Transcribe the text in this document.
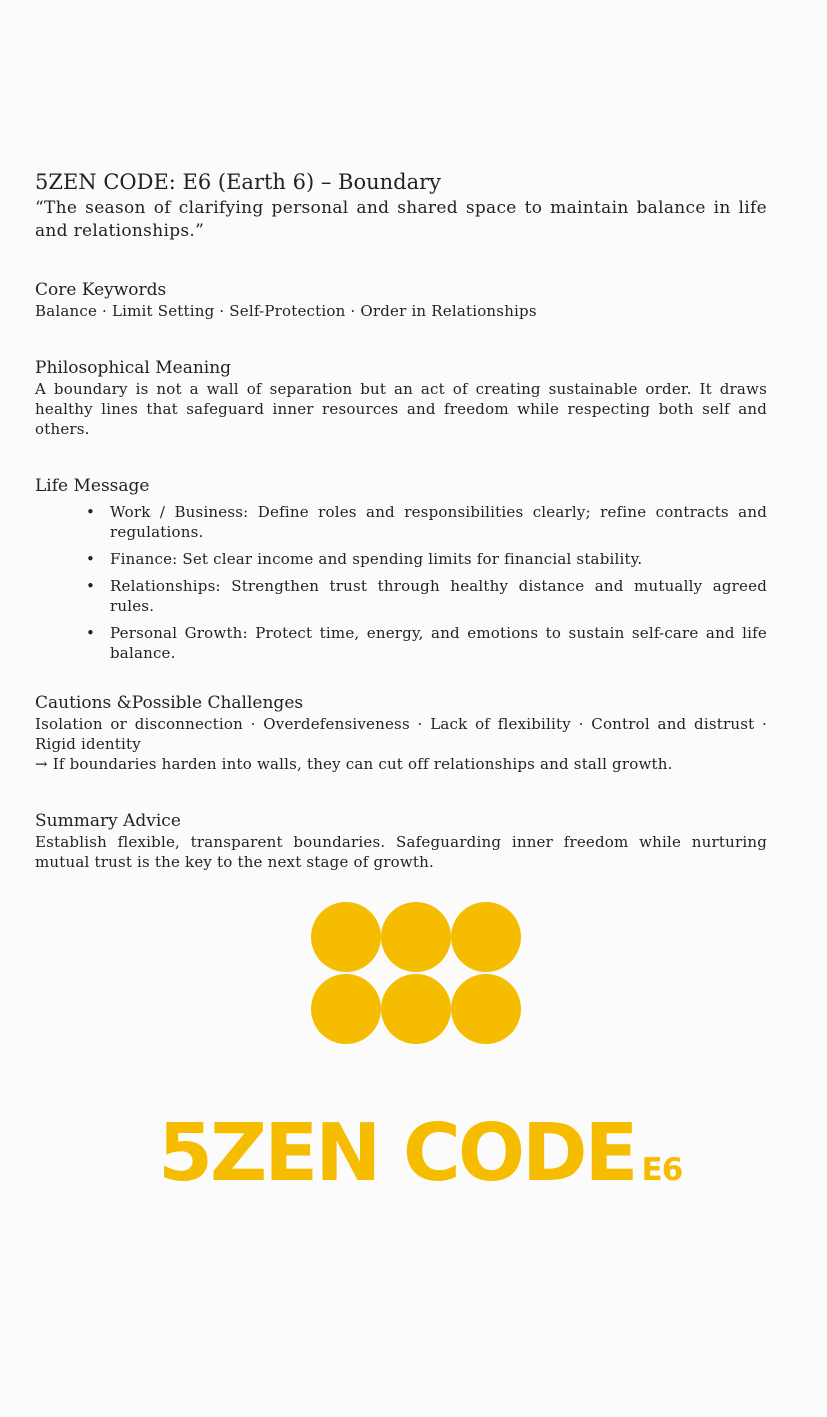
5ZEN CODE: E6 (Earth 6) – Boundary

“The season of clarifying personal and shared space to maintain balance in life and relationships.”

Core Keywords

Balance · Limit Setting · Self-Protection · Order in Relationships

Philosophical Meaning

A boundary is not a wall of separation but an act of creating sustainable order. It draws healthy lines that safeguard inner resources and freedom while respecting both self and others.

Life Message
• Work / Business: Define roles and responsibilities clearly; refine contracts and regulations.
• Finance: Set clear income and spending limits for financial stability.
• Relationships: Strengthen trust through healthy distance and mutually agreed rules.
• Personal Growth: Protect time, energy, and emotions to sustain self-care and life balance.
Cautions &Possible Challenges

Isolation or disconnection · Overdefensiveness · Lack of flexibility · Control and distrust · Rigid identity

→ If boundaries harden into walls, they can cut off relationships and stall growth.

Summary Advice

Establish flexible, transparent boundaries. Safeguarding inner freedom while nurturing mutual trust is the key to the next stage of growth.

5ZEN CODE E6
